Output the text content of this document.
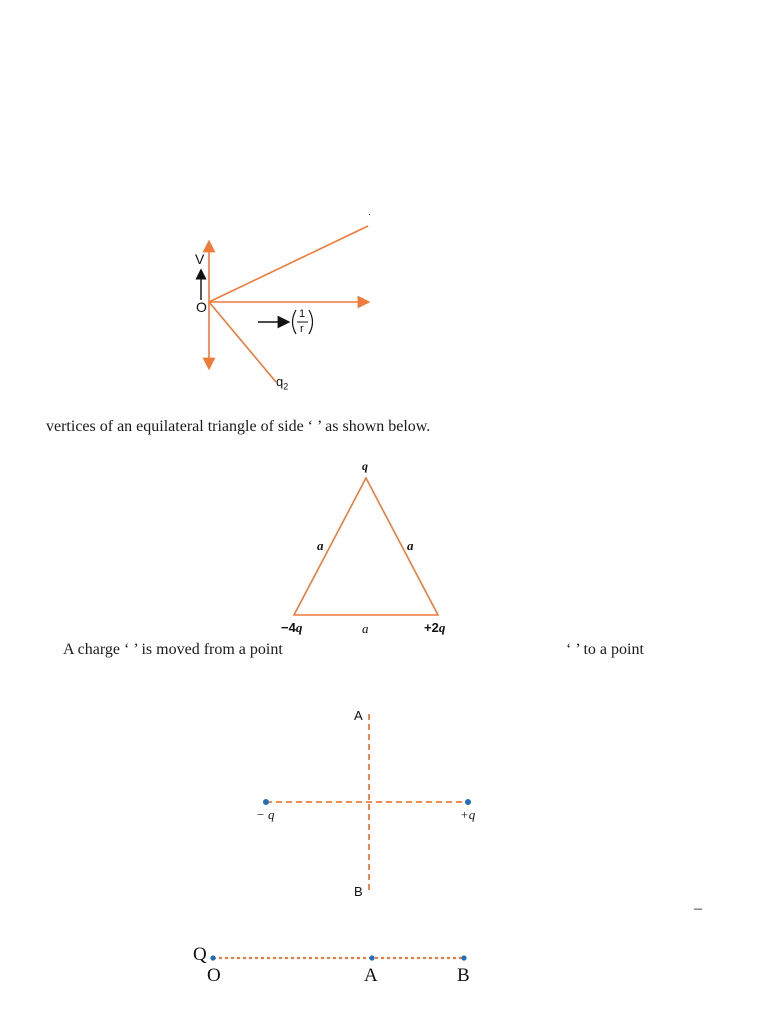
V
O	1
r
$q_2$
.
vertices of an equilateral triangle of side ‘ ’ as shown below.
q
a	a
a
−4q	+2q
A charge ‘ ’ is moved from a point	‘ ’ to a point
A
B
− q	+q
–
Q
O	A	B
